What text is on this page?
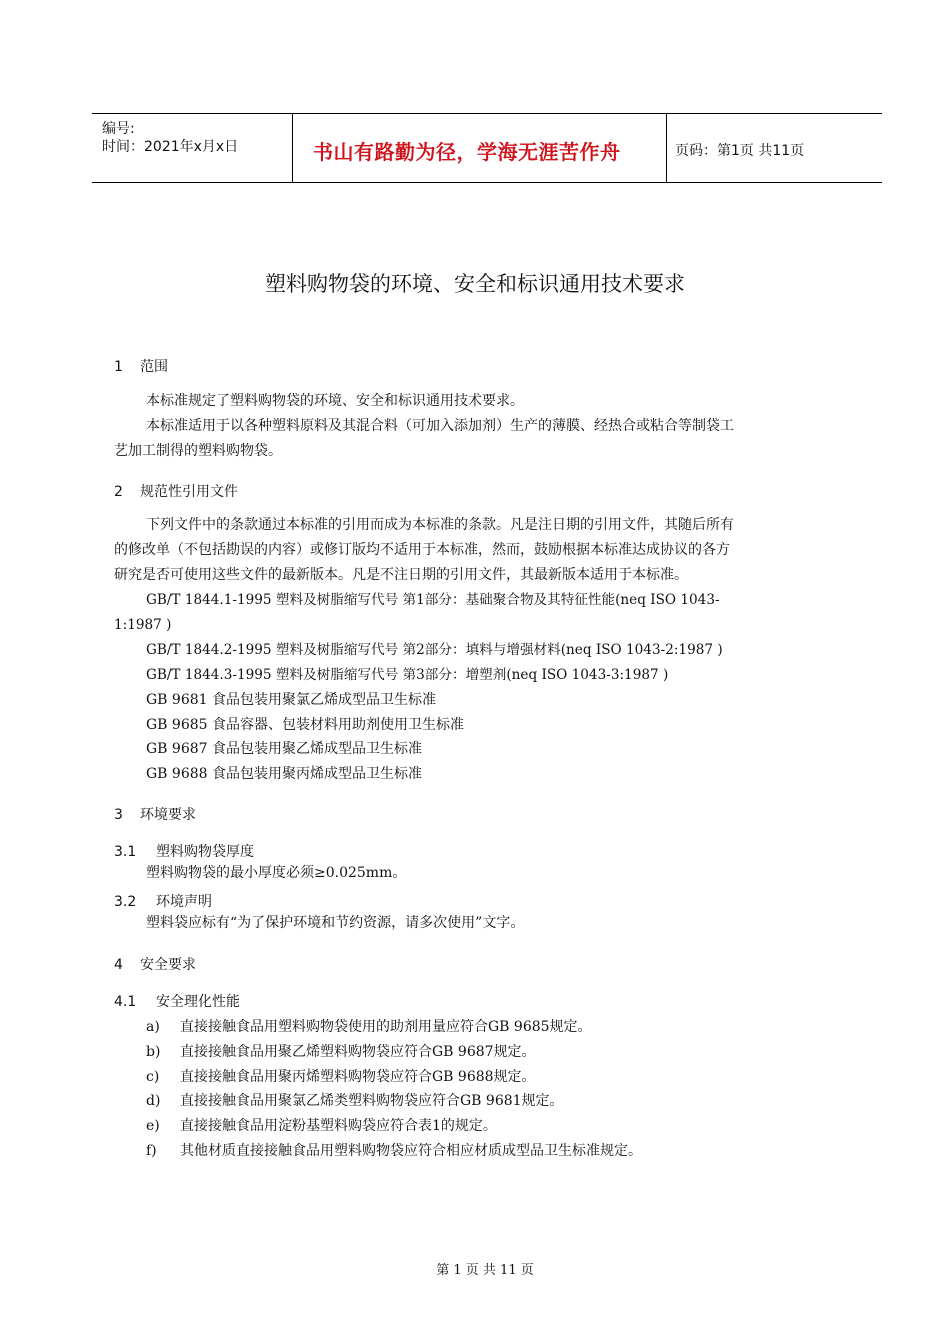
编号:
时间：2021年x月x日	书山有路勤为径，学海无涯苦作舟	页码：第1页 共11页
塑料购物袋的环境、安全和标识通用技术要求
1 范围
本标准规定了塑料购物袋的环境、安全和标识通用技术要求。
本标准适用于以各种塑料原料及其混合料（可加入添加剂）生产的薄膜、经热合或粘合等制袋工
艺加工制得的塑料购物袋。
2 规范性引用文件
下列文件中的条款通过本标准的引用而成为本标准的条款。凡是注日期的引用文件，其随后所有
的修改单（不包括勘误的内容）或修订版均不适用于本标准，然而，鼓励根据本标准达成协议的各方
研究是否可使用这些文件的最新版本。凡是不注日期的引用文件，其最新版本适用于本标准。
GB/T 1844.1-1995 塑料及树脂缩写代号 第1部分：基础聚合物及其特征性能(neq ISO 1043-
1:1987 )
GB/T 1844.2-1995 塑料及树脂缩写代号 第2部分：填料与增强材料(neq ISO 1043-2:1987 )
GB/T 1844.3-1995 塑料及树脂缩写代号 第3部分：增塑剂(neq ISO 1043-3:1987 )
GB 9681 食品包装用聚氯乙烯成型品卫生标准
GB 9685 食品容器、包装材料用助剂使用卫生标准
GB 9687 食品包装用聚乙烯成型品卫生标准
GB 9688 食品包装用聚丙烯成型品卫生标准
3 环境要求
3.1 塑料购物袋厚度
塑料购物袋的最小厚度必须≥0.025mm。
3.2 环境声明
塑料袋应标有“为了保护环境和节约资源，请多次使用”文字。
4 安全要求
4.1 安全理化性能
a) 直接接触食品用塑料购物袋使用的助剂用量应符合GB 9685规定。
b) 直接接触食品用聚乙烯塑料购物袋应符合GB 9687规定。
c) 直接接触食品用聚丙烯塑料购物袋应符合GB 9688规定。
d) 直接接触食品用聚氯乙烯类塑料购物袋应符合GB 9681规定。
e) 直接接触食品用淀粉基塑料购袋应符合表1的规定。
f) 其他材质直接接触食品用塑料购物袋应符合相应材质成型品卫生标准规定。
第 1 页 共 11 页
